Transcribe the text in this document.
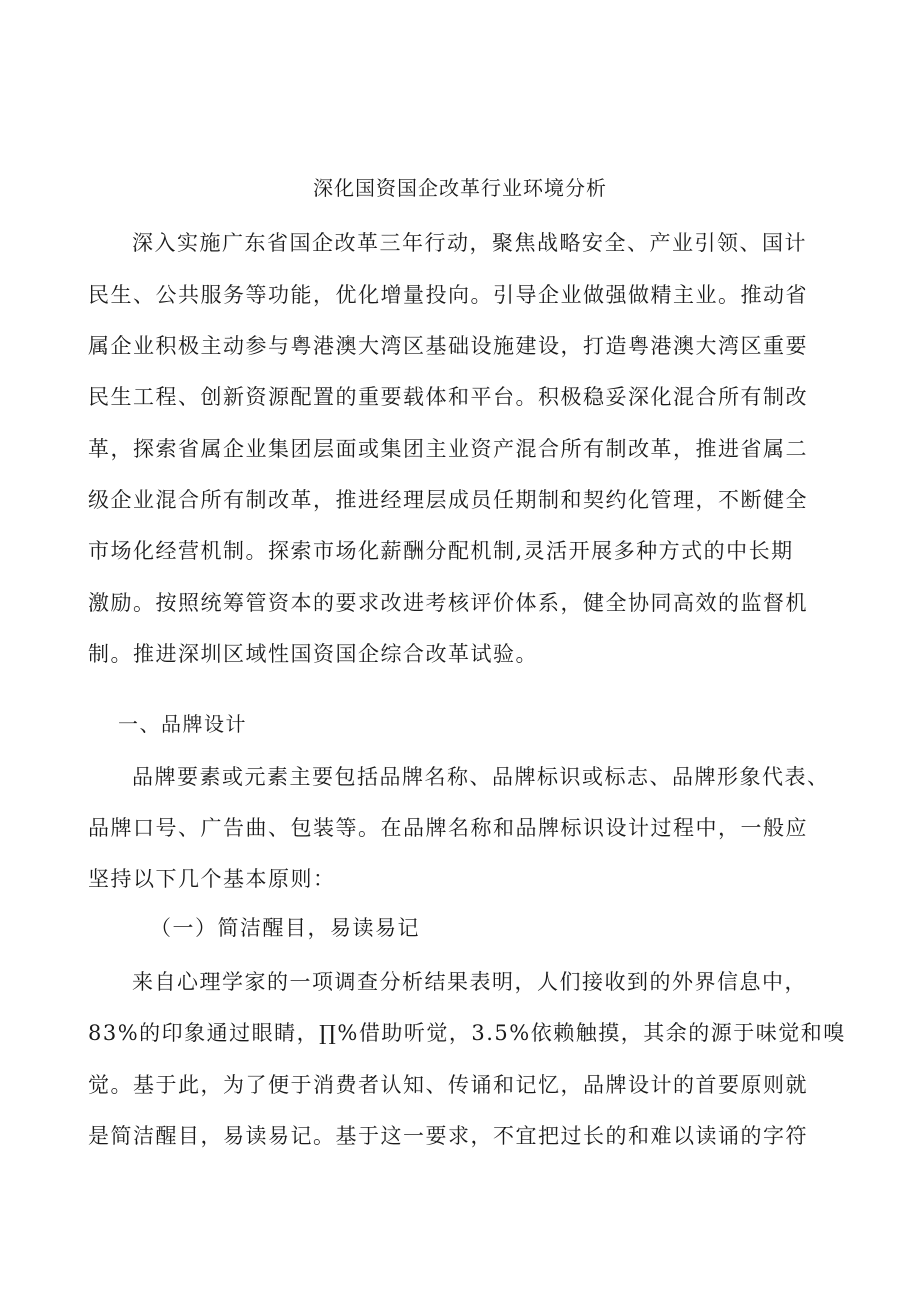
深化国资国企改革行业环境分析
深入实施广东省国企改革三年行动，聚焦战略安全、产业引领、国计
民生、公共服务等功能，优化增量投向。引导企业做强做精主业。推动省
属企业积极主动参与粤港澳大湾区基础设施建设，打造粤港澳大湾区重要
民生工程、创新资源配置的重要载体和平台。积极稳妥深化混合所有制改
革，探索省属企业集团层面或集团主业资产混合所有制改革，推进省属二
级企业混合所有制改革，推进经理层成员任期制和契约化管理，不断健全
市场化经营机制。探索市场化薪酬分配机制,灵活开展多种方式的中长期
激励。按照统筹管资本的要求改进考核评价体系，健全协同高效的监督机
制。推进深圳区域性国资国企综合改革试验。
一、品牌设计
品牌要素或元素主要包括品牌名称、品牌标识或标志、品牌形象代表、
品牌口号、广告曲、包装等。在品牌名称和品牌标识设计过程中，一般应
坚持以下几个基本原则：
（一）简洁醒目，易读易记
来自心理学家的一项调查分析结果表明，人们接收到的外界信息中，
83%的印象通过眼睛，∏%借助听觉，3.5%依赖触摸，其余的源于味觉和嗅
觉。基于此，为了便于消费者认知、传诵和记忆，品牌设计的首要原则就
是简洁醒目，易读易记。基于这一要求，不宜把过长的和难以读诵的字符
